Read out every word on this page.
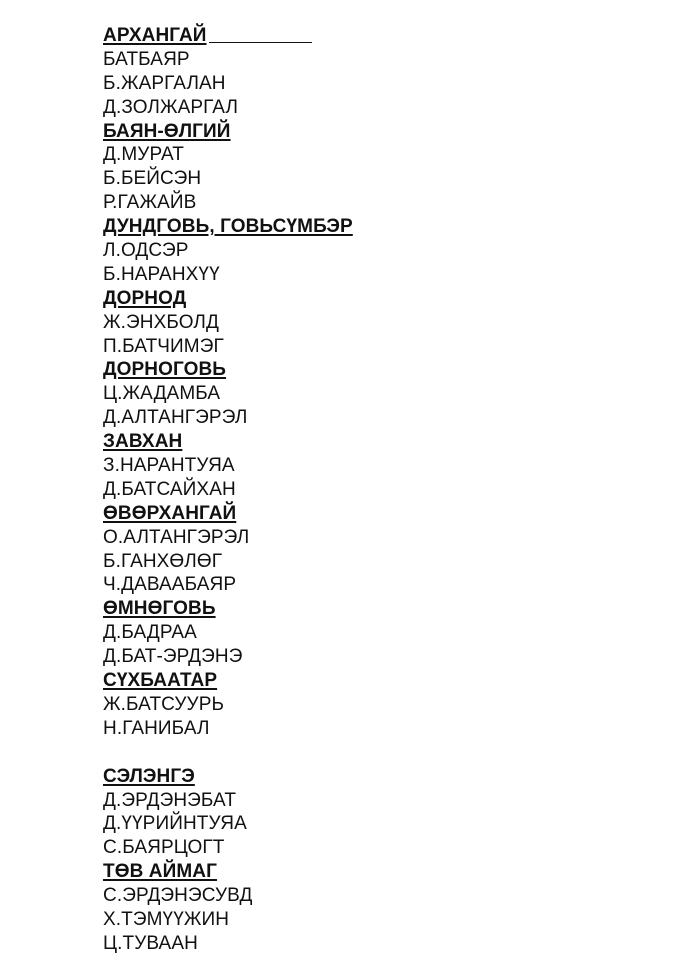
АРХАНГАЙ
БАТБАЯР
Б.ЖАРГАЛАН
Д.ЗОЛЖАРГАЛ
БАЯН-ӨЛГИЙ
Д.МУРАТ
Б.БЕЙСЭН
Р.ГАЖАЙВ
ДУНДГОВЬ, ГОВЬСҮМБЭР
Л.ОДСЭР
Б.НАРАНХҮҮ
ДОРНОД
Ж.ЭНХБОЛД
П.БАТЧИМЭГ
ДОРНОГОВЬ
Ц.ЖАДАМБА
Д.АЛТАНГЭРЭЛ
ЗАВХАН
З.НАРАНТУЯА
Д.БАТСАЙХАН
ӨВӨРХАНГАЙ
О.АЛТАНГЭРЭЛ
Б.ГАНХӨЛӨГ
Ч.ДАВААБАЯР
ӨМНӨГОВЬ
Д.БАДРАА
Д.БАТ-ЭРДЭНЭ
СҮХБААТАР
Ж.БАТСУУРЬ
Н.ГАНИБАЛ
СЭЛЭНГЭ
Д.ЭРДЭНЭБАТ
Д.ҮҮРИЙНТУЯА
С.БАЯРЦОГТ
ТӨВ АЙМАГ
С.ЭРДЭНЭСУВД
Х.ТЭМҮҮЖИН
Ц.ТУВААН
